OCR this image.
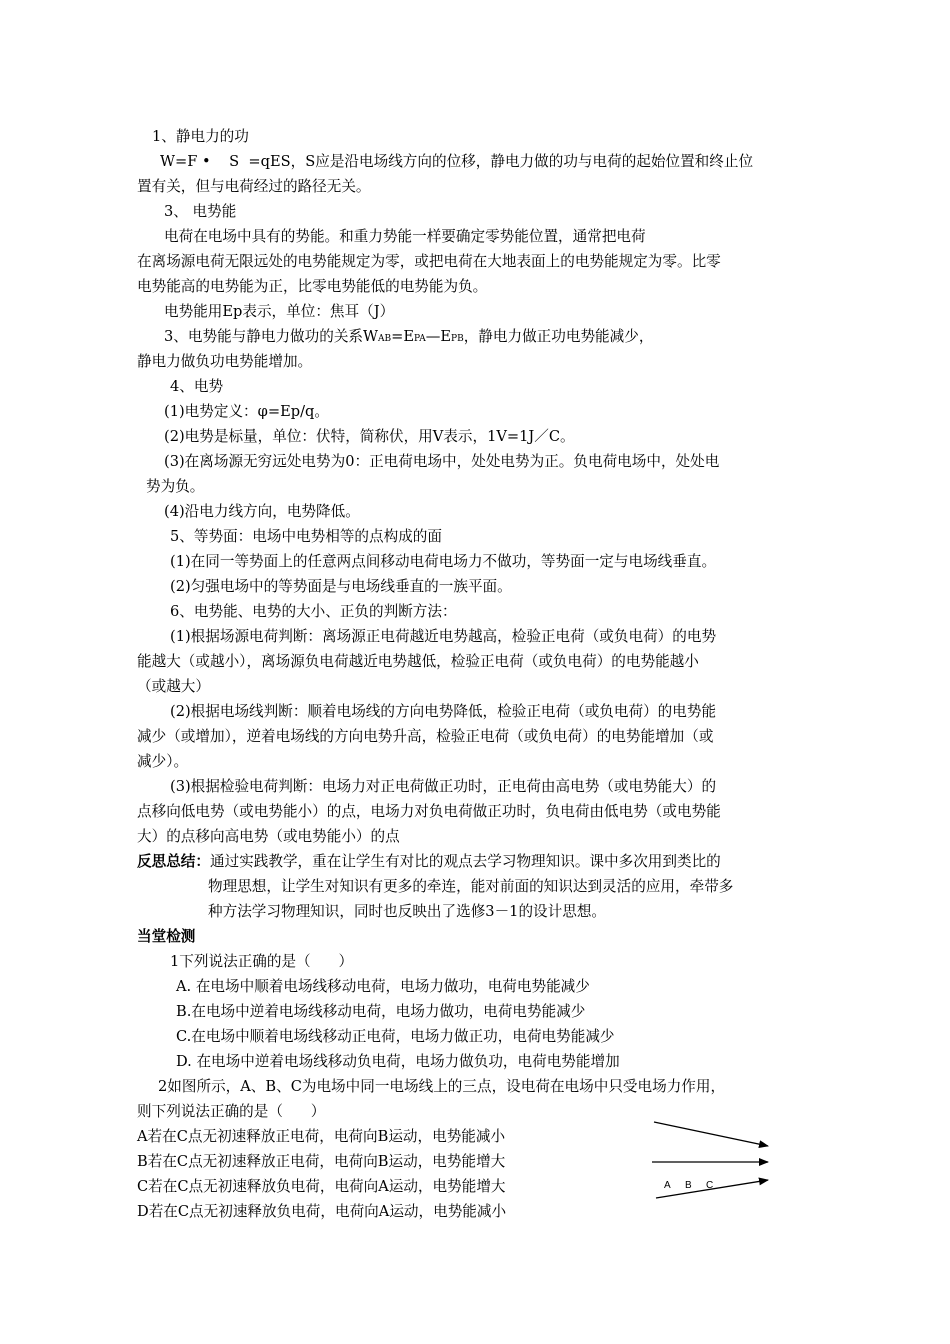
1、静电力的功
W=F •    S  =qES，S应是沿电场线方向的位移，静电力做的功与电荷的起始位置和终止位
置有关，但与电荷经过的路径无关。
3、 电势能
电荷在电场中具有的势能。和重力势能一样要确定零势能位置，通常把电荷
在离场源电荷无限远处的电势能规定为零，或把电荷在大地表面上的电势能规定为零。比零
电势能高的电势能为正，比零电势能低的电势能为负。
电势能用Ep表示，单位：焦耳（J）
3、电势能与静电力做功的关系WAB=EPA—EPB，静电力做正功电势能减少，
静电力做负功电势能增加。
4、电势
(1)电势定义：φ=Ep/q。
(2)电势是标量，单位：伏特，简称伏，用V表示，1V=1J／C。
(3)在离场源无穷远处电势为0：正电荷电场中，处处电势为正。负电荷电场中，处处电
势为负。
(4)沿电力线方向，电势降低。
5、等势面：电场中电势相等的点构成的面
(1)在同一等势面上的任意两点间移动电荷电场力不做功，等势面一定与电场线垂直。
(2)匀强电场中的等势面是与电场线垂直的一族平面。
6、电势能、电势的大小、正负的判断方法：
(1)根据场源电荷判断：离场源正电荷越近电势越高，检验正电荷（或负电荷）的电势
能越大（或越小），离场源负电荷越近电势越低，检验正电荷（或负电荷）的电势能越小
（或越大）
(2)根据电场线判断：顺着电场线的方向电势降低，检验正电荷（或负电荷）的电势能
减少（或增加），逆着电场线的方向电势升高，检验正电荷（或负电荷）的电势能增加（或
减少）。
(3)根据检验电荷判断：电场力对正电荷做正功时，正电荷由高电势（或电势能大）的
点移向低电势（或电势能小）的点，电场力对负电荷做正功时，负电荷由低电势（或电势能
大）的点移向高电势（或电势能小）的点
反思总结：通过实践教学，重在让学生有对比的观点去学习物理知识。课中多次用到类比的
物理思想，让学生对知识有更多的牵连，能对前面的知识达到灵活的应用，牵带多
种方法学习物理知识，同时也反映出了选修3－1的设计思想。
当堂检测
1下列说法正确的是（      ）
A. 在电场中顺着电场线移动电荷，电场力做功，电荷电势能减少
B.在电场中逆着电场线移动电荷，电场力做功，电荷电势能减少
C.在电场中顺着电场线移动正电荷，电场力做正功，电荷电势能减少
D. 在电场中逆着电场线移动负电荷，电场力做负功，电荷电势能增加
2如图所示，A、B、C为电场中同一电场线上的三点，设电荷在电场中只受电场力作用，
则下列说法正确的是（      ）
A若在C点无初速释放正电荷，电荷向B运动，电势能减小
B若在C点无初速释放正电荷，电荷向B运动，电势能增大
C若在C点无初速释放负电荷，电荷向A运动，电势能增大
D若在C点无初速释放负电荷，电荷向A运动，电势能减小
A B C
